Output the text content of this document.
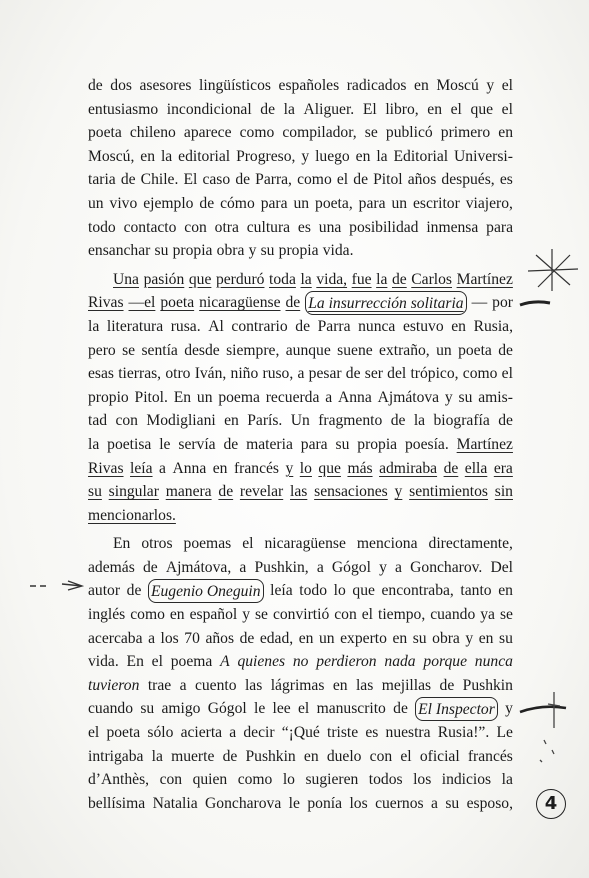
de dos asesores lingüísticos españoles radicados en Moscú y el
entusiasmo incondicional de la Aliguer. El libro, en el que el
poeta chileno aparece como compilador, se publicó primero en
Moscú, en la editorial Progreso, y luego en la Editorial Universi-
taria de Chile. El caso de Parra, como el de Pitol años después, es
un vivo ejemplo de cómo para un poeta, para un escritor viajero,
todo contacto con otra cultura es una posibilidad inmensa para
ensanchar su propia obra y su propia vida.
Una pasión que perduró toda la vida, fue la de Carlos Martínez
Rivas —el poeta nicaragüense de La insurrección solitaria — por
la literatura rusa. Al contrario de Parra nunca estuvo en Rusia,
pero se sentía desde siempre, aunque suene extraño, un poeta de
esas tierras, otro Iván, niño ruso, a pesar de ser del trópico, como el
propio Pitol. En un poema recuerda a Anna Ajmátova y su amis-
tad con Modigliani en París. Un fragmento de la biografía de
la poetisa le servía de materia para su propia poesía. Martínez
Rivas leía a Anna en francés y lo que más admiraba de ella era
su singular manera de revelar las sensaciones y sentimientos sin
mencionarlos.
En otros poemas el nicaragüense menciona directamente,
además de Ajmátova, a Pushkin, a Gógol y a Goncharov. Del
autor de Eugenio Oneguin leía todo lo que encontraba, tanto en
inglés como en español y se convirtió con el tiempo, cuando ya se
acercaba a los 70 años de edad, en un experto en su obra y en su
vida. En el poema A quienes no perdieron nada porque nunca
tuvieron trae a cuento las lágrimas en las mejillas de Pushkin
cuando su amigo Gógol le lee el manuscrito de El Inspector y
el poeta sólo acierta a decir “¡Qué triste es nuestra Rusia!”. Le
intrigaba la muerte de Pushkin en duelo con el oficial francés
d’Anthès, con quien como lo sugieren todos los indicios la
bellísima Natalia Goncharova le ponía los cuernos a su esposo,	4
